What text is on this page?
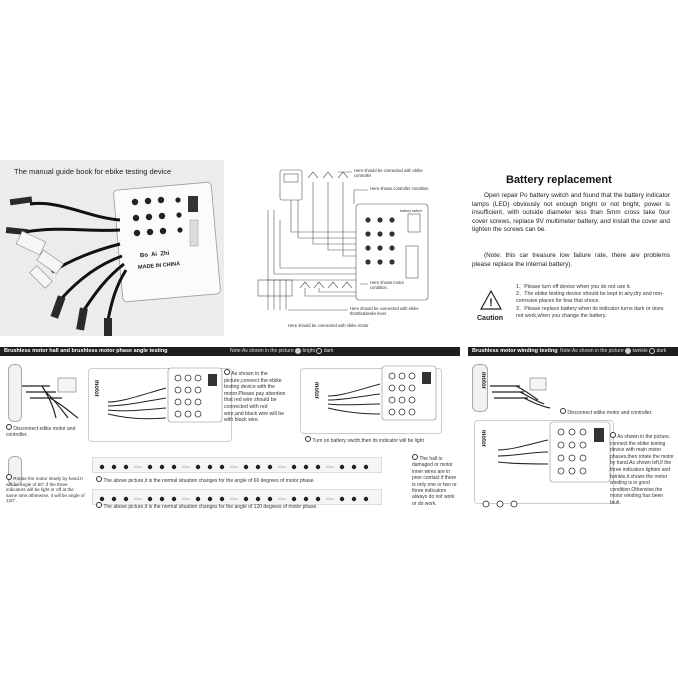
The manual guide book for ebike testing device
Bo  Ai  Zhi
MADE IN CHINA
Here should be connected with ebike controller
Here shows controller condition.
battery switch
Here shows motor condition.
Here should be connected with ebike throttle&brake lever
Here should be connected with ebike motor
Battery replacement
Open repair Po battery switch and found that the battery indicator lamps (LED) obviously not enough bright or not bright, power is insufficient, with outside diameter less than 5mm cross take four cover screws, replace 9V multimeter battery, and install the cover and tighten the screws can be.
(Note: this car treasure low failure rate, there are problems please replace the internal battery).
!
Caution
1、Please turn off device when you do not use it.
2、The ebike testing device should be kept in airy,dry and non-corrosive places for fear that shoce.
3、Please replace battery when its indicator turns dark or does not work,when you change the battery.
Brushless motor hall and brushless motor phase angle testing	Note:As shown in the picture bright dark
Disconnect edike motor and controller.
Rotate the motor slowly by hand.It will be angle of 60°,if the three indicators will be light or off at the same time,otherwise, it will be angle of 120°.
motor
As shown in the picture,connect the ebike testing device with the motor.Please pay attention that red wire should be connected with red wire,and black wire will be with black wire.
motor
Turn on battery swcth,then its indicator will be light
The above picture,it is the normal situation changes for the angle of 60 degrees of motor phase.
The above picture,it is the normal situation changes for the angle of 120 degrees of motor phase.
The hall is damaged or motor inner wires are in poor contact if there is only one or two or three indicators always do not work or do work.
Brushless motor winding testing Note:As shown in the picture twinkle dark
motor
Disconnect edike motor and controller.
motor	As shown in the picture, connect the ebike testing device with main motor phases,then rotate the motor by hand.As shown left,if the three indicators lighten and twinkle,it shows the motor winding is in good condition.Otherwise,the motor winding has been fault.
